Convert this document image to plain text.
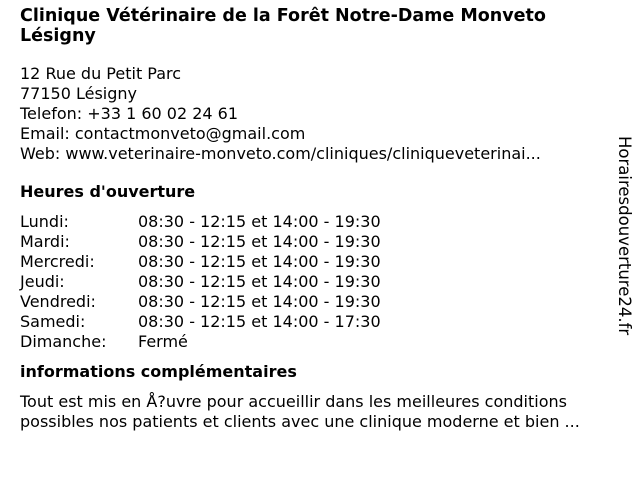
Clinique Vétérinaire de la Forêt Notre-Dame Monveto
Lésigny
12 Rue du Petit Parc
77150 Lésigny
Telefon: +33 1 60 02 24 61
Email: contactmonveto@gmail.com
Web: www.veterinaire-monveto.com/cliniques/cliniqueveterinai...
Heures d'ouverture
Lundi:	08:30 - 12:15 et 14:00 - 19:30
Mardi:	08:30 - 12:15 et 14:00 - 19:30
Mercredi:	08:30 - 12:15 et 14:00 - 19:30
Jeudi:	08:30 - 12:15 et 14:00 - 19:30
Vendredi:	08:30 - 12:15 et 14:00 - 19:30
Samedi:	08:30 - 12:15 et 14:00 - 17:30
Dimanche:	Fermé
informations complémentaires
Tout est mis en Å?uvre pour accueillir dans les meilleures conditions
possibles nos patients et clients avec une clinique moderne et bien ...
Horairesdouverture24.fr
